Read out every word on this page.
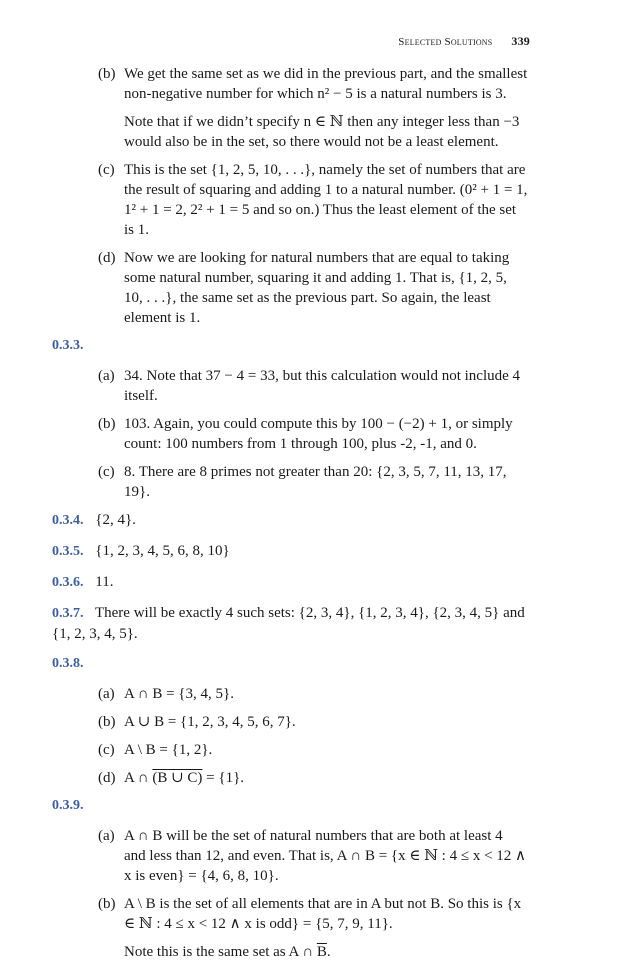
Selected Solutions 339
(b) We get the same set as we did in the previous part, and the smallest non-negative number for which n² − 5 is a natural numbers is 3.

Note that if we didn’t specify n ∈ ℕ then any integer less than −3 would also be in the set, so there would not be a least element.

(c) This is the set {1, 2, 5, 10, . . .}, namely the set of numbers that are the result of squaring and adding 1 to a natural number. (0² + 1 = 1, 1² + 1 = 2, 2² + 1 = 5 and so on.) Thus the least element of the set is 1.

(d) Now we are looking for natural numbers that are equal to taking some natural number, squaring it and adding 1. That is, {1, 2, 5, 10, . . .}, the same set as the previous part. So again, the least element is 1.

0.3.3.
(a) 34. Note that 37 − 4 = 33, but this calculation would not include 4 itself.

(b) 103. Again, you could compute this by 100 − (−2) + 1, or simply count: 100 numbers from 1 through 100, plus -2, -1, and 0.

(c) 8. There are 8 primes not greater than 20: {2, 3, 5, 7, 11, 13, 17, 19}.

0.3.4. {2, 4}.
0.3.5. {1, 2, 3, 4, 5, 6, 8, 10}
0.3.6. 11.
0.3.7. There will be exactly 4 such sets: {2, 3, 4}, {1, 2, 3, 4}, {2, 3, 4, 5} and {1, 2, 3, 4, 5}.
0.3.8.
(a) A ∩ B = {3, 4, 5}.

(b) A ∪ B = {1, 2, 3, 4, 5, 6, 7}.

(c) A \ B = {1, 2}.

(d) A ∩ (B ∪ C) = {1}.

0.3.9.
(a) A ∩ B will be the set of natural numbers that are both at least 4 and less than 12, and even. That is, A ∩ B = {x ∈ ℕ : 4 ≤ x < 12 ∧ x is even} = {4, 6, 8, 10}.

(b) A \ B is the set of all elements that are in A but not B. So this is {x ∈ ℕ : 4 ≤ x < 12 ∧ x is odd} = {5, 7, 9, 11}.

Note this is the same set as A ∩ $\overline{B}$.
